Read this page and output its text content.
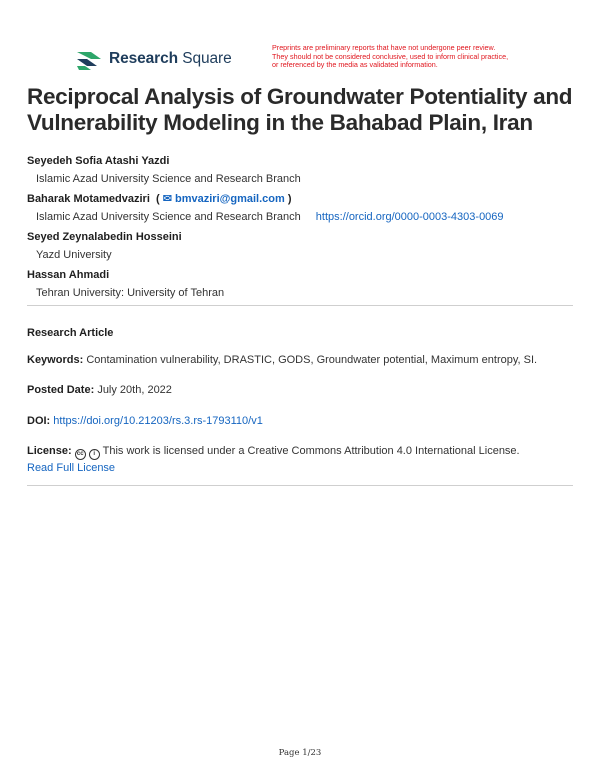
Research Square
Preprints are preliminary reports that have not undergone peer review.
They should not be considered conclusive, used to inform clinical practice,
or referenced by the media as validated information.
Reciprocal Analysis of Groundwater Potentiality and Vulnerability Modeling in the Bahabad Plain, Iran
Seyedeh Sofia Atashi Yazdi
Islamic Azad University Science and Research Branch
Baharak Motamedvaziri  ( ✉ bmvaziri@gmail.com )
Islamic Azad University Science and Research Branch https://orcid.org/0000-0003-4303-0069
Seyed Zeynalabedin Hosseini
Yazd University
Hassan Ahmadi
Tehran University: University of Tehran
Research Article
Keywords: Contamination vulnerability, DRASTIC, GODS, Groundwater potential, Maximum entropy, SI.
Posted Date: July 20th, 2022
DOI: https://doi.org/10.21203/rs.3.rs-1793110/v1
License: cc i This work is licensed under a Creative Commons Attribution 4.0 International License.
Read Full License
Page 1/23
